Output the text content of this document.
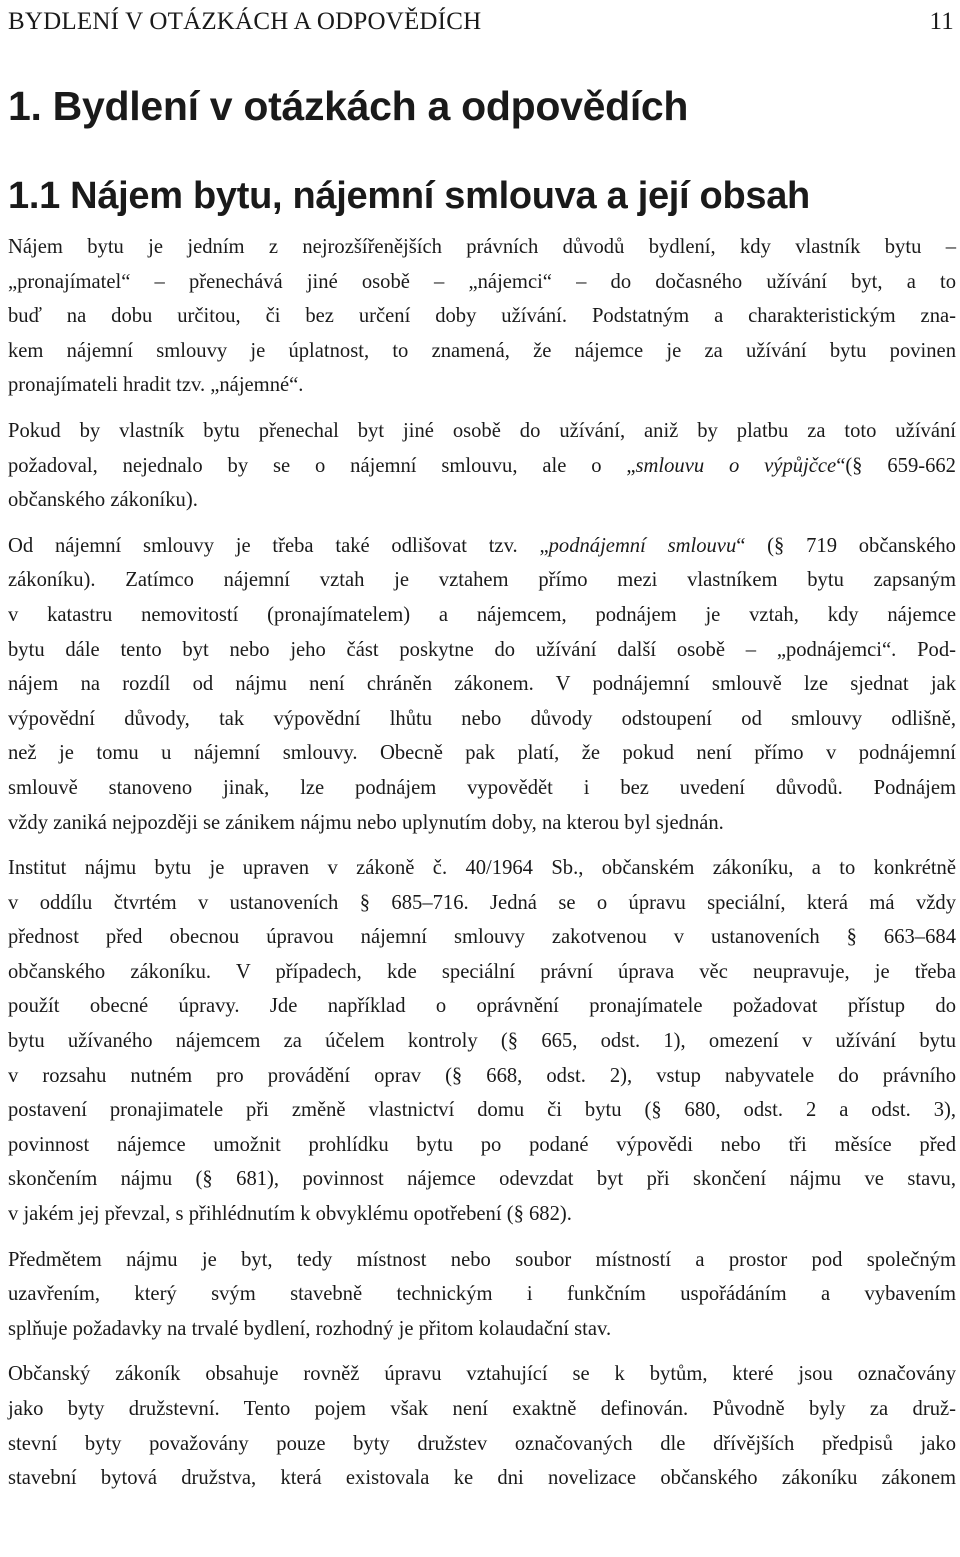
BYDLENÍ V OTÁZKÁCH A ODPOVĚDÍCH	11
1. Bydlení v otázkách a odpovědích
1.1 Nájem bytu, nájemní smlouva a její obsah

Nájem bytu je jedním z nejrozšířenějších právních důvodů bydlení, kdy vlastník bytu –
„pronajímatel“ – přenechává jiné osobě – „nájemci“ – do dočasného užívání byt, a to
buď na dobu určitou, či bez určení doby užívání. Podstatným a charakteristickým zna-
kem nájemní smlouvy je úplatnost, to znamená, že nájemce je za užívání bytu povinen
pronajímateli hradit tzv. „nájemné“.

Pokud by vlastník bytu přenechal byt jiné osobě do užívání, aniž by platbu za toto užívání
požadoval, nejednalo by se o nájemní smlouvu, ale o „smlouvu o výpůjčce“(§ 659-662
občanského zákoníku).

Od nájemní smlouvy je třeba také odlišovat tzv. „podnájemní smlouvu“ (§ 719 občanského
zákoníku). Zatímco nájemní vztah je vztahem přímo mezi vlastníkem bytu zapsaným
v katastru nemovitostí (pronajímatelem) a nájemcem, podnájem je vztah, kdy nájemce
bytu dále tento byt nebo jeho část poskytne do užívání další osobě – „podnájemci“. Pod-
nájem na rozdíl od nájmu není chráněn zákonem. V podnájemní smlouvě lze sjednat jak
výpovědní důvody, tak výpovědní lhůtu nebo důvody odstoupení od smlouvy odlišně,
než je tomu u nájemní smlouvy. Obecně pak platí, že pokud není přímo v podnájemní
smlouvě stanoveno jinak, lze podnájem vypovědět i bez uvedení důvodů. Podnájem
vždy zaniká nejpozději se zánikem nájmu nebo uplynutím doby, na kterou byl sjednán.

Institut nájmu bytu je upraven v zákoně č. 40/1964 Sb., občanském zákoníku, a to konkrétně
v oddílu čtvrtém v ustanoveních § 685–716. Jedná se o úpravu speciální, která má vždy
přednost před obecnou úpravou nájemní smlouvy zakotvenou v ustanoveních § 663–684
občanského zákoníku. V případech, kde speciální právní úprava věc neupravuje, je třeba
použít obecné úpravy. Jde například o oprávnění pronajímatele požadovat přístup do
bytu užívaného nájemcem za účelem kontroly (§ 665, odst. 1), omezení v užívání bytu
v rozsahu nutném pro provádění oprav (§ 668, odst. 2), vstup nabyvatele do právního
postavení pronajimatele při změně vlastnictví domu či bytu (§ 680, odst. 2 a odst. 3),
povinnost nájemce umožnit prohlídku bytu po podané výpovědi nebo tři měsíce před
skončením nájmu (§ 681), povinnost nájemce odevzdat byt při skončení nájmu ve stavu,
v jakém jej převzal, s přihlédnutím k obvyklému opotřebení (§ 682).

Předmětem nájmu je byt, tedy místnost nebo soubor místností a prostor pod společným
uzavřením, který svým stavebně technickým i funkčním uspořádáním a vybavením
splňuje požadavky na trvalé bydlení, rozhodný je přitom kolaudační stav.

Občanský zákoník obsahuje rovněž úpravu vztahující se k bytům, které jsou označovány
jako byty družstevní. Tento pojem však není exaktně definován. Původně byly za druž-
stevní byty považovány pouze byty družstev označovaných dle dřívějších předpisů jako
stavební bytová družstva, která existovala ke dni novelizace občanského zákoníku zákonem
